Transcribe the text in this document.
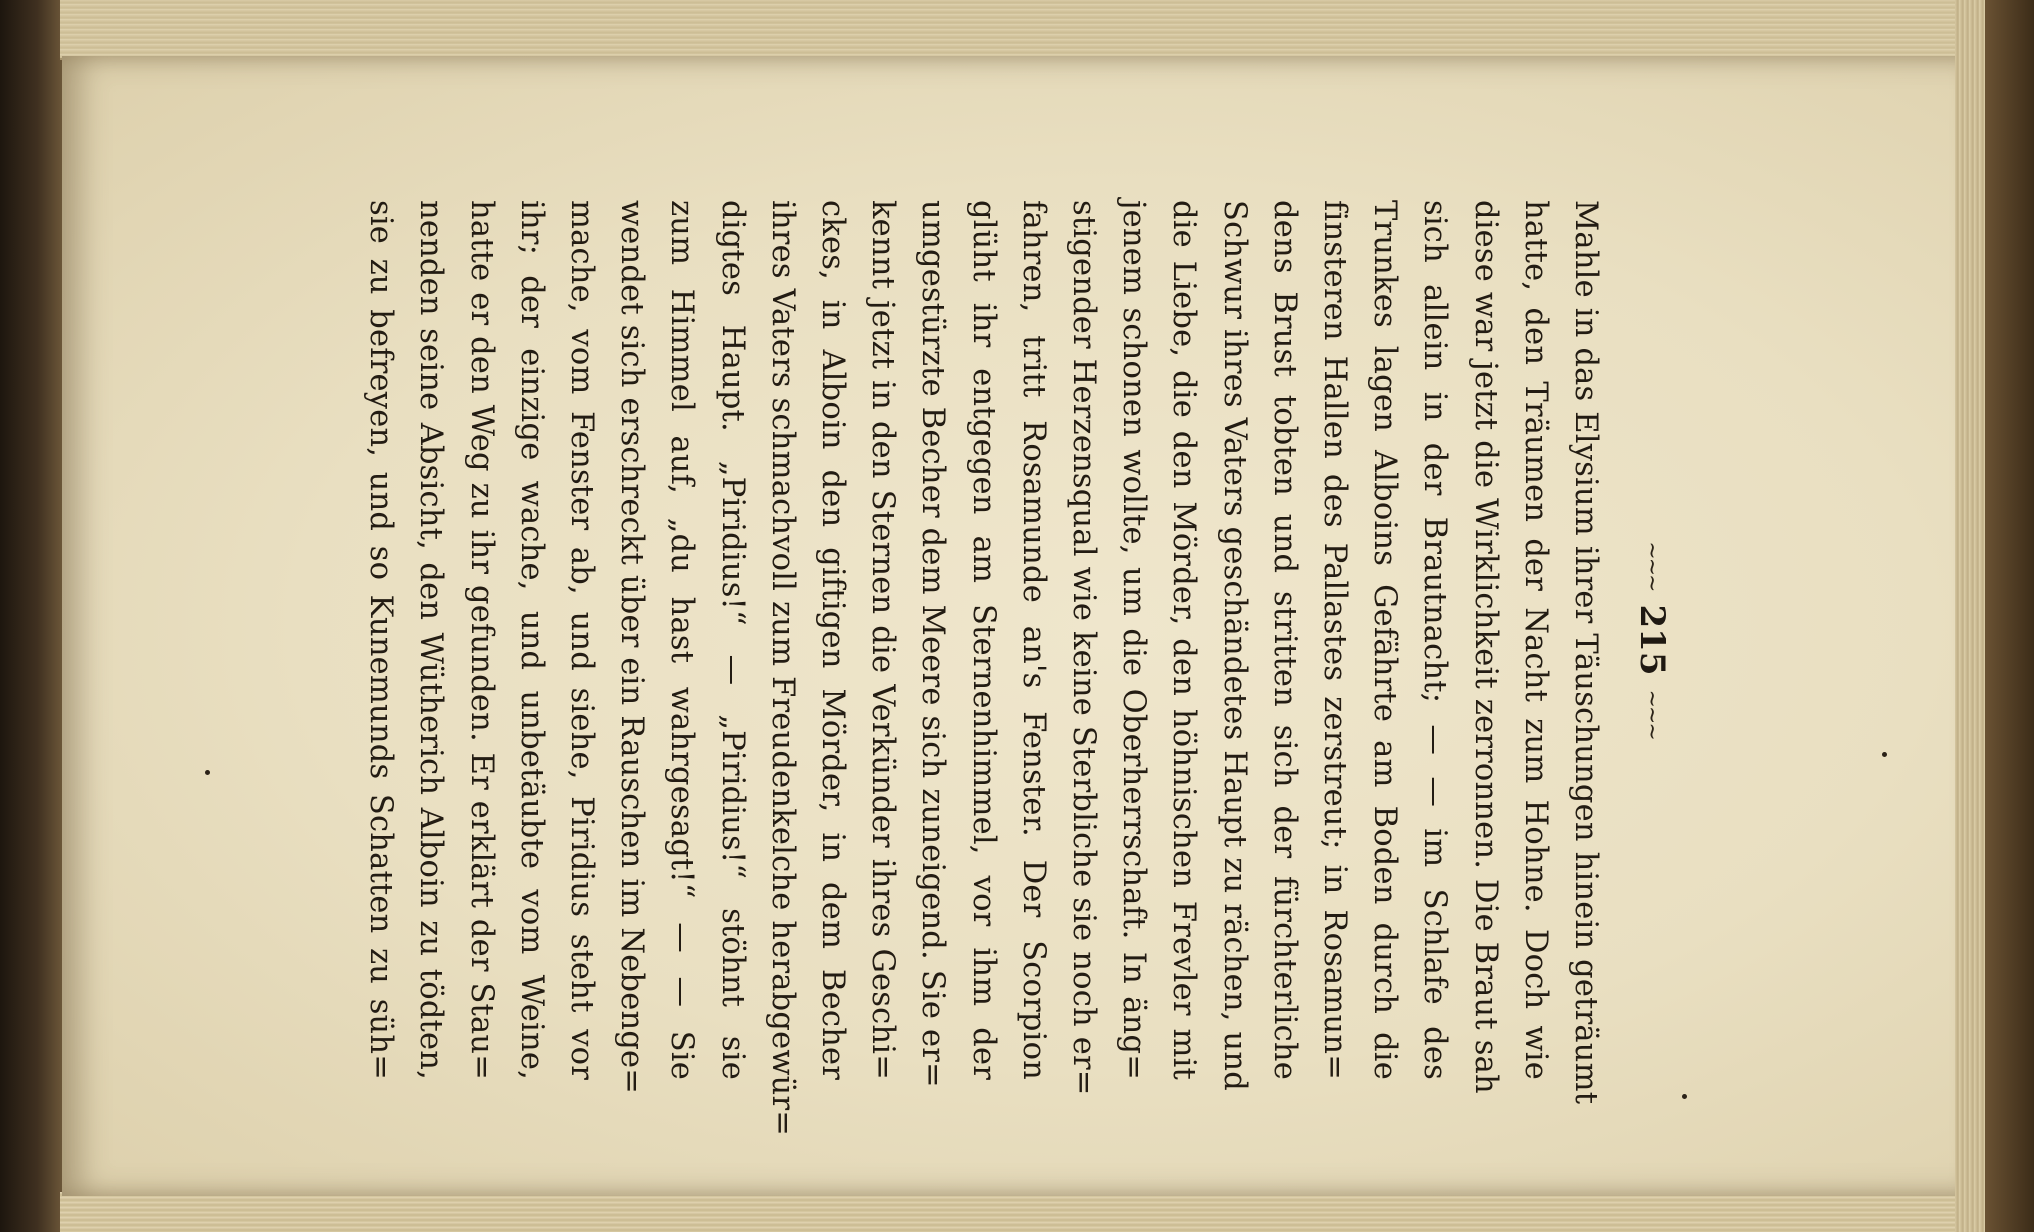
~~~
215
~~~
Mahle in das Elysium ihrer Täuschungen hinein geträumt
hatte, den Träumen der Nacht zum Hohne. Doch wie
diese war jetzt die Wirklichkeit zerronnen. Die Braut sah
sich allein in der Brautnacht; — — im Schlafe des
Trunkes lagen Alboins Gefährte am Boden durch die
finsteren Hallen des Pallastes zerstreut; in Rosamun=
dens Brust tobten und stritten sich der fürchterliche
Schwur ihres Vaters geschändetes Haupt zu rächen, und
die Liebe, die den Mörder, den höhnischen Frevler mit
jenem schonen wollte, um die Oberherrschaft. In äng=
stigender Herzensqual wie keine Sterbliche sie noch er=
fahren, tritt Rosamunde an's Fenster. Der Scorpion
glüht ihr entgegen am Sternenhimmel, vor ihm der
umgestürzte Becher dem Meere sich zuneigend. Sie er=
kennt jetzt in den Sternen die Verkünder ihres Geschi=
ckes, in Alboin den giftigen Mörder, in dem Becher
ihres Vaters schmachvoll zum Freudenkelche herabgewür=
digtes Haupt. „Piridius!“ — „Piridius!“ stöhnt sie
zum Himmel auf, „du hast wahrgesagt!“ — — Sie
wendet sich erschreckt über ein Rauschen im Nebenge=
mache, vom Fenster ab, und siehe, Piridius steht vor
ihr; der einzige wache, und unbetäubte vom Weine,
hatte er den Weg zu ihr gefunden. Er erklärt der Stau=
nenden seine Absicht, den Wütherich Alboin zu tödten,
sie zu befreyen, und so Kunemunds Schatten zu süh=
